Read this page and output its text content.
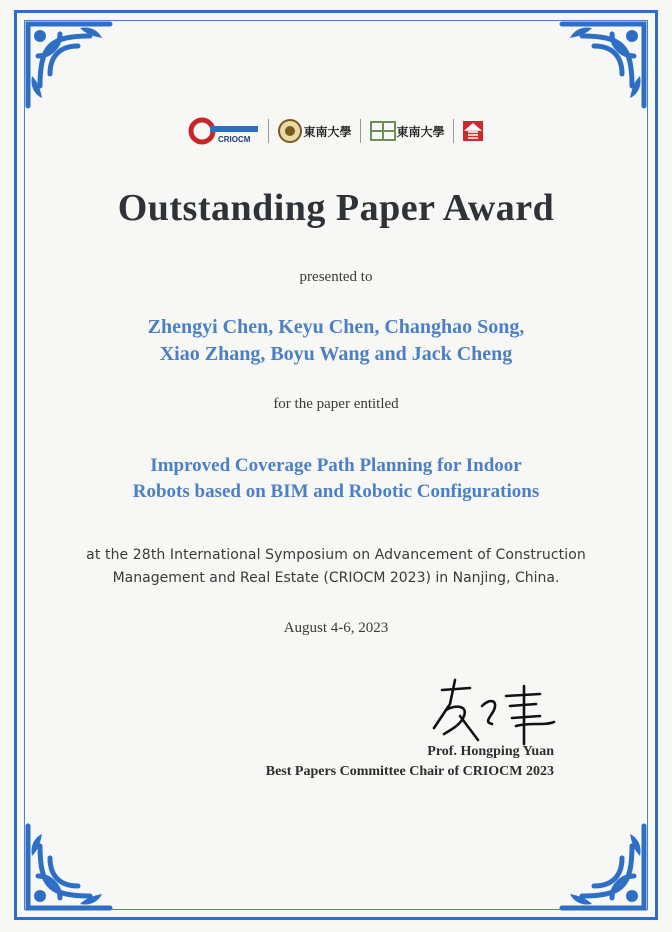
CRIOCM
東南大學	東南大學
Outstanding Paper Award
presented to
Zhengyi Chen, Keyu Chen, Changhao Song,
Xiao Zhang, Boyu Wang and Jack Cheng
for the paper entitled
Improved Coverage Path Planning for Indoor
Robots based on BIM and Robotic Configurations
at the 28th International Symposium on Advancement of Construction
Management and Real Estate (CRIOCM 2023) in Nanjing, China.
August 4-6, 2023
Prof. Hongping Yuan
Best Papers Committee Chair of CRIOCM 2023
